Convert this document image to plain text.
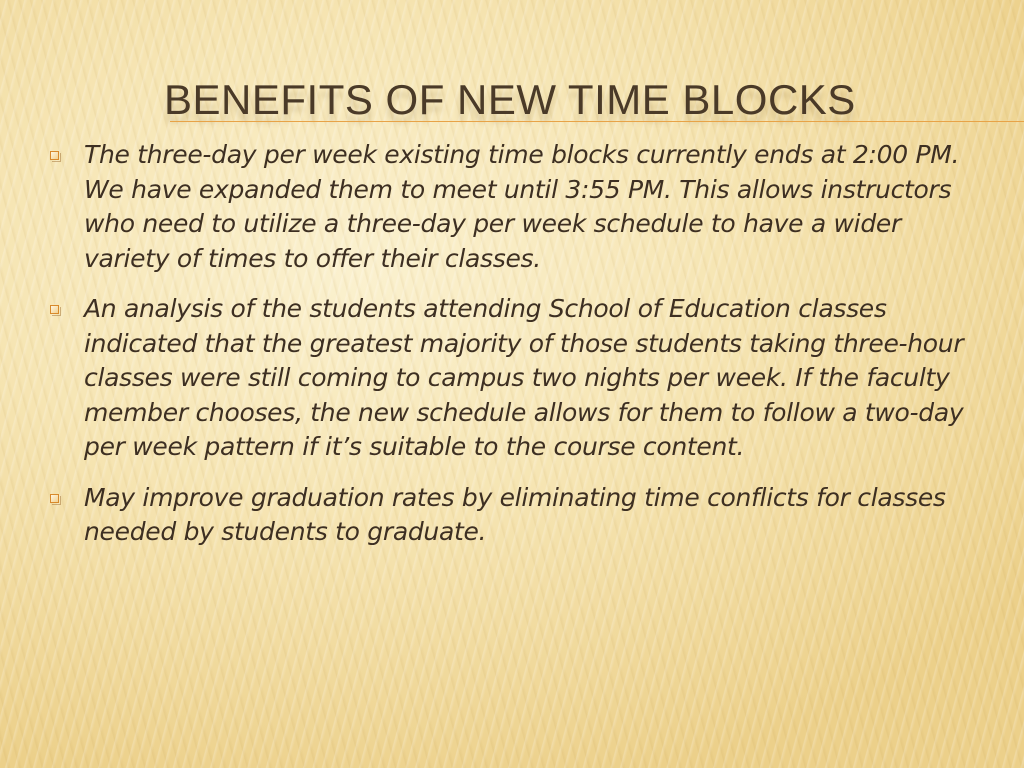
BENEFITS OF NEW TIME BLOCKS
The three-day per week existing time blocks currently ends at 2:00 PM. We have expanded them to meet until 3:55 PM. This allows instructors who need to utilize a three-day per week schedule to have a wider variety of times to offer their classes.
An analysis of the students attending School of Education classes indicated that the greatest majority of those students taking three-hour classes were still coming to campus two nights per week. If the faculty member chooses, the new schedule allows for them to follow a two-day per week pattern if it’s suitable to the course content.
May improve graduation rates by eliminating time conflicts for classes needed by students to graduate.
